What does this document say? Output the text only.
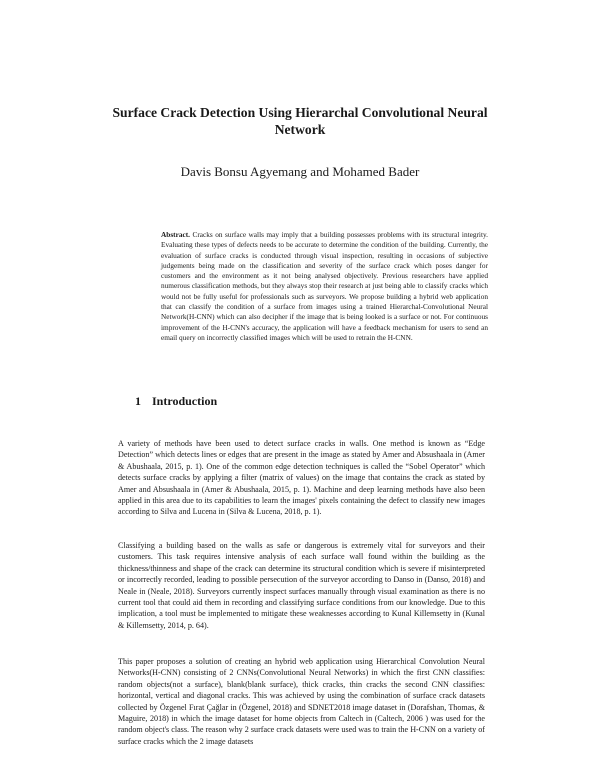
Surface Crack Detection Using Hierarchal Convolutional Neural Network
Davis Bonsu Agyemang and Mohamed Bader

Abstract. Cracks on surface walls may imply that a building possesses problems with its structural integrity. Evaluating these types of defects needs to be accurate to determine the condition of the building. Currently, the evaluation of surface cracks is conducted through visual inspection, resulting in occasions of subjective judgements being made on the classification and severity of the surface crack which poses danger for customers and the environment as it not being analysed objectively. Previous researchers have applied numerous classification methods, but they always stop their research at just being able to classify cracks which would not be fully useful for professionals such as surveyors. We propose building a hybrid web application that can classify the condition of a surface from images using a trained Hierarchal-Convolutional Neural Network(H-CNN) which can also decipher if the image that is being looked is a surface or not. For continuous improvement of the H-CNN's accuracy, the application will have a feedback mechanism for users to send an email query on incorrectly classified images which will be used to retrain the H-CNN.

1 Introduction

A variety of methods have been used to detect surface cracks in walls. One method is known as “Edge Detection” which detects lines or edges that are present in the image as stated by Amer and Absushaala in (Amer & Abushaala, 2015, p. 1). One of the common edge detection techniques is called the “Sobel Operator” which detects surface cracks by applying a filter (matrix of values) on the image that contains the crack as stated by Amer and Absushaala in (Amer & Abushaala, 2015, p. 1). Machine and deep learning methods have also been applied in this area due to its capabilities to learn the images' pixels containing the defect to classify new images according to Silva and Lucena in (Silva & Lucena, 2018, p. 1).

Classifying a building based on the walls as safe or dangerous is extremely vital for surveyors and their customers. This task requires intensive analysis of each surface wall found within the building as the thickness/thinness and shape of the crack can determine its structural condition which is severe if misinterpreted or incorrectly recorded, leading to possible persecution of the surveyor according to Danso in (Danso, 2018) and Neale in (Neale, 2018). Surveyors currently inspect surfaces manually through visual examination as there is no current tool that could aid them in recording and classifying surface conditions from our knowledge. Due to this implication, a tool must be implemented to mitigate these weaknesses according to Kunal Killemsetty in (Kunal & Killemsetty, 2014, p. 64).

This paper proposes a solution of creating an hybrid web application using Hierarchical Convolution Neural Networks(H-CNN) consisting of 2 CNNs(Convolutional Neural Networks) in which the first CNN classifies: random objects(not a surface), blank(blank surface), thick cracks, thin cracks the second CNN classifies: horizontal, vertical and diagonal cracks. This was achieved by using the combination of surface crack datasets collected by Özgenel Fırat Çağlar in (Özgenel, 2018) and SDNET2018 image dataset in (Dorafshan, Thomas, & Maguire, 2018) in which the image dataset for home objects from Caltech in (Caltech, 2006 ) was used for the random object's class. The reason why 2 surface crack datasets were used was to train the H-CNN on a variety of surface cracks which the 2 image datasets
